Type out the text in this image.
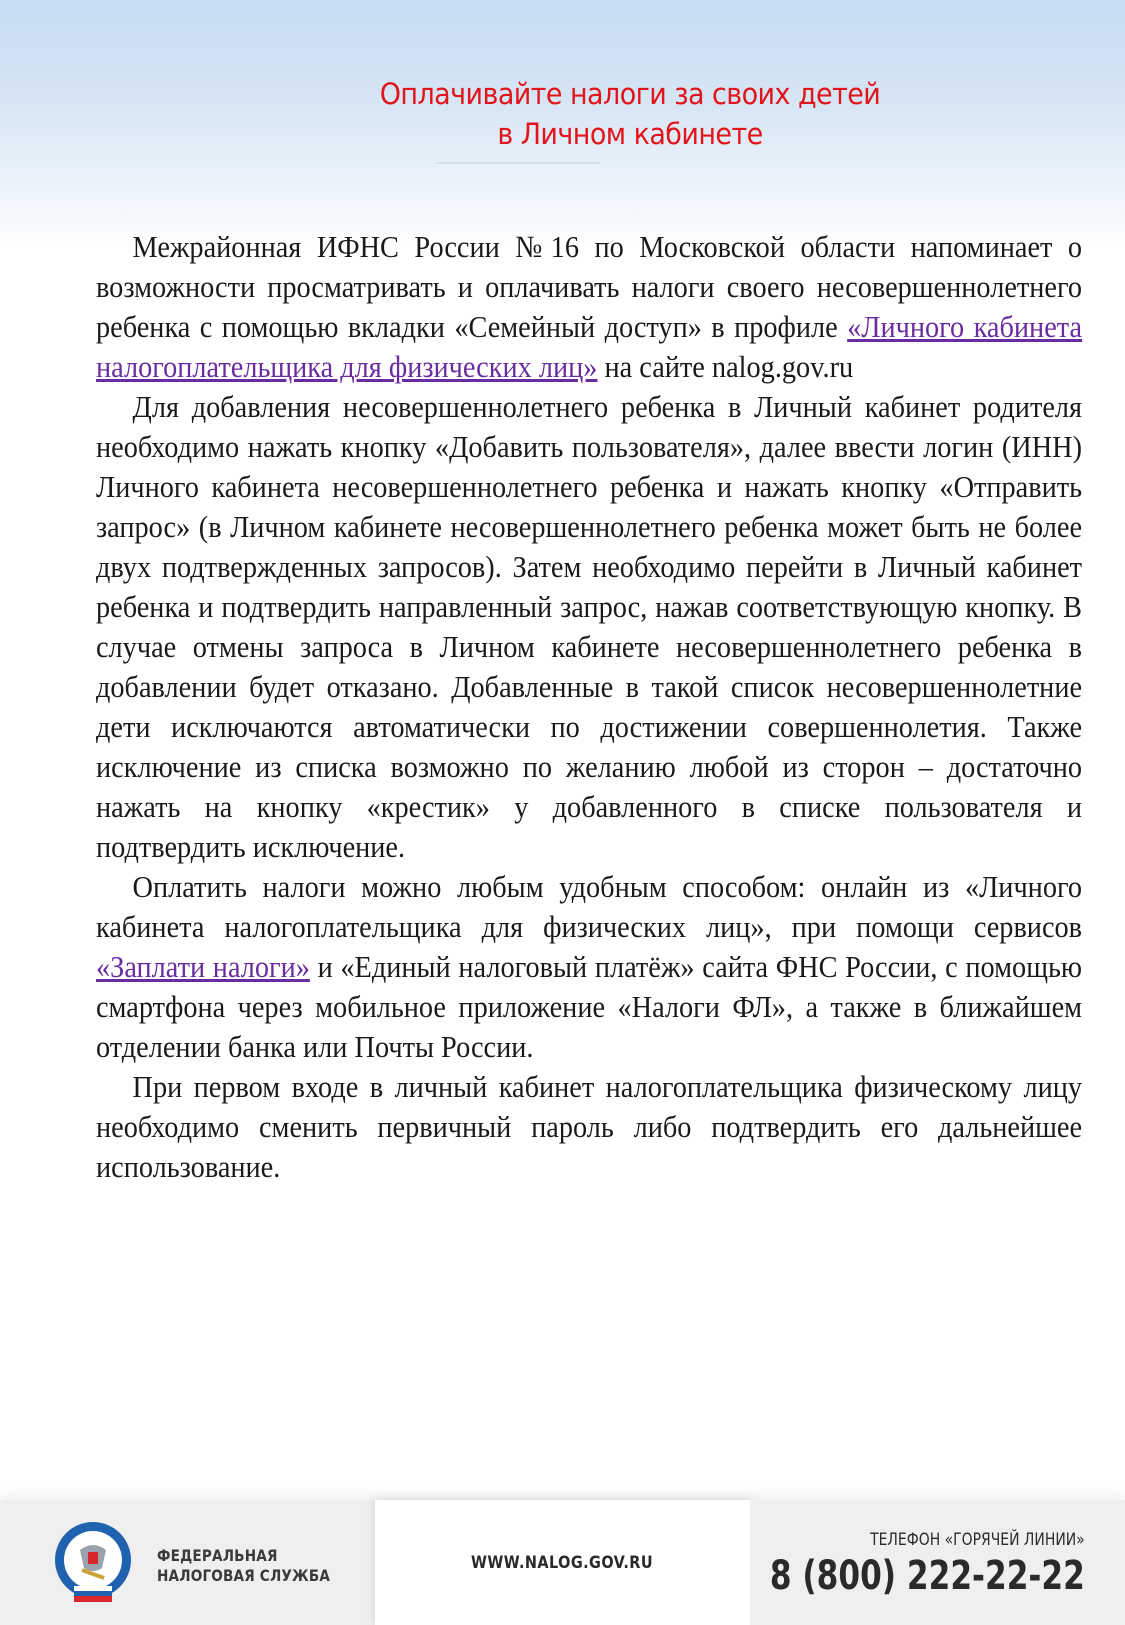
Оплачивайте налоги за своих детей
в Личном кабинете

Межрайонная ИФНС России №16 по Московской области напоминает о возможности просматривать и оплачивать налоги своего несовершеннолетнего ребенка с помощью вкладки «Семейный доступ» в профиле «Личного кабинета налогоплательщика для физических лиц» на сайте nalog.gov.ru

Для добавления несовершеннолетнего ребенка в Личный кабинет родителя необходимо нажать кнопку «Добавить пользователя», далее ввести логин (ИНН) Личного кабинета несовершеннолетнего ребенка и нажать кнопку «Отправить запрос» (в Личном кабинете несовершеннолетнего ребенка может быть не более двух подтвержденных запросов). Затем необходимо перейти в Личный кабинет ребенка и подтвердить направленный запрос, нажав соответствующую кнопку. В случае отмены запроса в Личном кабинете несовершеннолетнего ребенка в добавлении будет отказано. Добавленные в такой список несовершеннолетние дети исключаются автоматически по достижении совершеннолетия. Также исключение из списка возможно по желанию любой из сторон – достаточно нажать на кнопку «крестик» у добавленного в списке пользователя и подтвердить исключение.

Оплатить налоги можно любым удобным способом: онлайн из «Личного кабинета налогоплательщика для физических лиц», при помощи сервисов «Заплати налоги» и «Единый налоговый платёж» сайта ФНС России, с помощью смартфона через мобильное приложение «Налоги ФЛ», а также в ближайшем отделении банка или Почты России.

При первом входе в личный кабинет налогоплательщика физическому лицу необходимо сменить первичный пароль либо подтвердить его дальнейшее использование.

ФЕДЕРАЛЬНАЯ
НАЛОГОВАЯ СЛУЖБА
WWW.NALOG.GOV.RU
ТЕЛЕФОН «ГОРЯЧЕЙ ЛИНИИ»
8 (800) 222-22-22
